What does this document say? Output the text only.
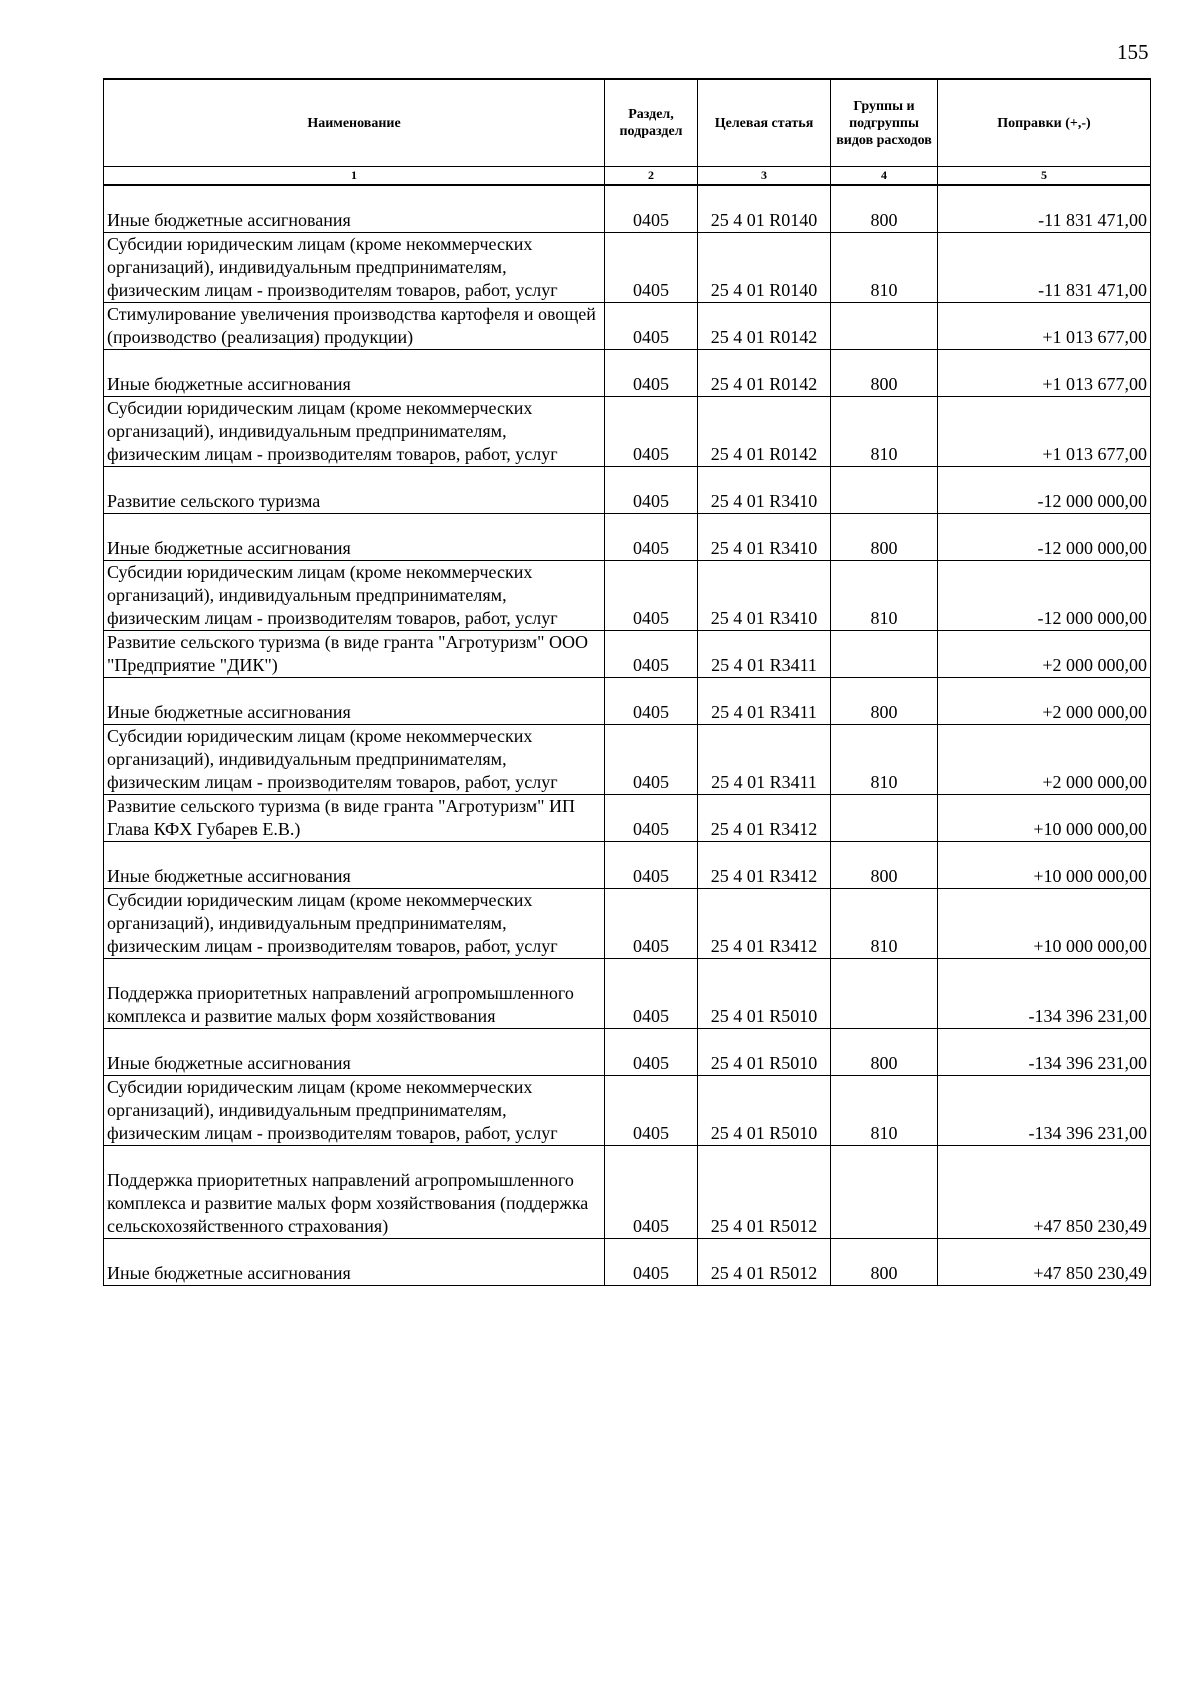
155
Наименование	Раздел, подраздел	Целевая статья	Группы и подгруппы видов расходов	Поправки (+,-)
1	2	3	4	5

Иные бюджетные ассигнования	0405	25 4 01 R0140	800	-11 831 471,00
Субсидии юридическим лицам (кроме некоммерческих организаций), индивидуальным предпринимателям, физическим лицам - производителям товаров, работ, услуг	0405	25 4 01 R0140	810	-11 831 471,00
Стимулирование увеличения производства картофеля и овощей (производство (реализация) продукции)	0405	25 4 01 R0142		+1 013 677,00
Иные бюджетные ассигнования	0405	25 4 01 R0142	800	+1 013 677,00
Субсидии юридическим лицам (кроме некоммерческих организаций), индивидуальным предпринимателям, физическим лицам - производителям товаров, работ, услуг	0405	25 4 01 R0142	810	+1 013 677,00
Развитие сельского туризма	0405	25 4 01 R3410		-12 000 000,00
Иные бюджетные ассигнования	0405	25 4 01 R3410	800	-12 000 000,00
Субсидии юридическим лицам (кроме некоммерческих организаций), индивидуальным предпринимателям, физическим лицам - производителям товаров, работ, услуг	0405	25 4 01 R3410	810	-12 000 000,00
Развитие сельского туризма (в виде гранта "Агротуризм" ООО "Предприятие "ДИК")	0405	25 4 01 R3411		+2 000 000,00
Иные бюджетные ассигнования	0405	25 4 01 R3411	800	+2 000 000,00
Субсидии юридическим лицам (кроме некоммерческих организаций), индивидуальным предпринимателям, физическим лицам - производителям товаров, работ, услуг	0405	25 4 01 R3411	810	+2 000 000,00
Развитие сельского туризма (в виде гранта "Агротуризм" ИП Глава КФХ Губарев Е.В.)	0405	25 4 01 R3412		+10 000 000,00
Иные бюджетные ассигнования	0405	25 4 01 R3412	800	+10 000 000,00
Субсидии юридическим лицам (кроме некоммерческих организаций), индивидуальным предпринимателям, физическим лицам - производителям товаров, работ, услуг	0405	25 4 01 R3412	810	+10 000 000,00
Поддержка приоритетных направлений агропромышленного комплекса и развитие малых форм хозяйствования	0405	25 4 01 R5010		-134 396 231,00
Иные бюджетные ассигнования	0405	25 4 01 R5010	800	-134 396 231,00
Субсидии юридическим лицам (кроме некоммерческих организаций), индивидуальным предпринимателям, физическим лицам - производителям товаров, работ, услуг	0405	25 4 01 R5010	810	-134 396 231,00
Поддержка приоритетных направлений агропромышленного комплекса и развитие малых форм хозяйствования (поддержка сельскохозяйственного страхования)	0405	25 4 01 R5012		+47 850 230,49
Иные бюджетные ассигнования	0405	25 4 01 R5012	800	+47 850 230,49
